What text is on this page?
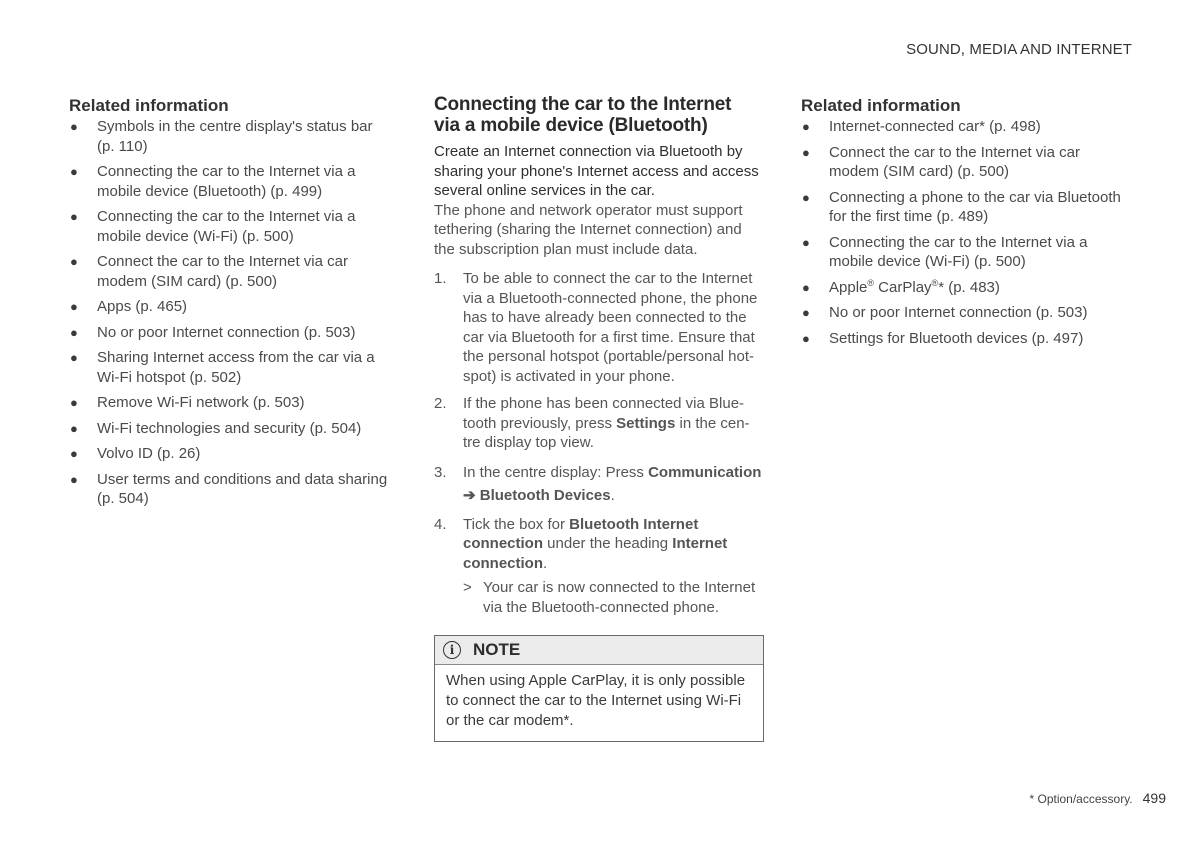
SOUND, MEDIA AND INTERNET
Related information
● Symbols in the centre display's status bar (p. 110)
● Connecting the car to the Internet via a mobile device (Bluetooth) (p. 499)
● Connecting the car to the Internet via a mobile device (Wi-Fi) (p. 500)
● Connect the car to the Internet via car modem (SIM card) (p. 500)
● Apps (p. 465)
● No or poor Internet connection (p. 503)
● Sharing Internet access from the car via a Wi-Fi hotspot (p. 502)
● Remove Wi-Fi network (p. 503)
● Wi-Fi technologies and security (p. 504)
● Volvo ID (p. 26)
● User terms and conditions and data sharing (p. 504)
Connecting the car to the Internet
via a mobile device (Bluetooth)
Create an Internet connection via Bluetooth by sharing your phone's Internet access and access several online services in the car.
The phone and network operator must support tethering (sharing the Internet connection) and the subscription plan must include data.
1. To be able to connect the car to the Internet via a Bluetooth-connected phone, the phone has to have already been connected to the car via Bluetooth for a first time. Ensure that the personal hotspot (portable/personal hot-spot) is activated in your phone.
2. If the phone has been connected via Blue-tooth previously, press Settings in the cen-tre display top view.
3. In the centre display: Press Communication
➔ Bluetooth Devices.
4. Tick the box for Bluetooth Internet connection under the heading Internet connection.
> Your car is now connected to the Internet via the Bluetooth-connected phone.
i	NOTE
When using Apple CarPlay, it is only possible to connect the car to the Internet using Wi-Fi or the car modem*.
Related information
● Internet-connected car* (p. 498)
● Connect the car to the Internet via car modem (SIM card) (p. 500)
● Connecting a phone to the car via Bluetooth for the first time (p. 489)
● Connecting the car to the Internet via a mobile device (Wi-Fi) (p. 500)
● Apple® CarPlay®* (p. 483)
● No or poor Internet connection (p. 503)
● Settings for Bluetooth devices (p. 497)
* Option/accessory. 499
